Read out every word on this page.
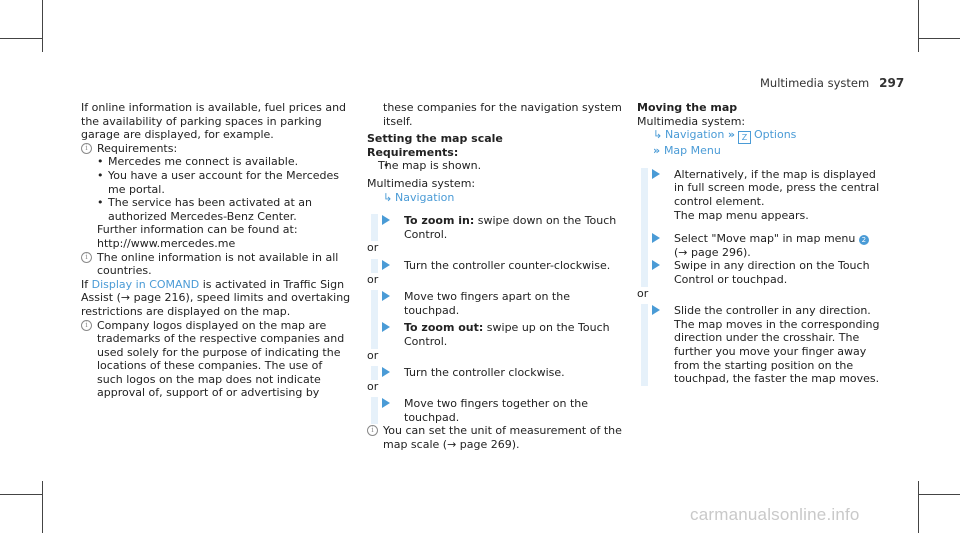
Multimedia system 297

If online information is available, fuel prices and the availability of parking spaces in parking garage are displayed, for example.

i Requirements:

• Mercedes me connect is available.

• You have a user account for the Mercedes me portal.

• The service has been activated at an authorized Mercedes-Benz Center.

Further information can be found at: http://www.mercedes.me

i The online information is not available in all countries.

If Display in COMAND is activated in Traffic Sign Assist (→ page 216), speed limits and overtaking restrictions are displayed on the map.

i Company logos displayed on the map are trademarks of the respective companies and used solely for the purpose of indicating the locations of these companies. The use of such logos on the map does not indicate approval of, support of or advertising by

these companies for the navigation system itself.

Setting the map scale

Requirements:

• The map is shown.

Multimedia system:

↳ Navigation

To zoom in: swipe down on the Touch Control.

or

Turn the controller counter-clockwise.

or

Move two fingers apart on the touchpad.
To zoom out: swipe up on the Touch Control.

or

Turn the controller clockwise.

or

Move two fingers together on the touchpad.
i You can set the unit of measurement of the map scale (→ page 269).

Moving the map

Multimedia system:

↳ Navigation » Z Options

» Map Menu

Alternatively, if the map is displayed in full screen mode, press the central control element.
The map menu appears.
Select "Move map" in map menu 2
(→ page 296).
Swipe in any direction on the Touch Control or touchpad.

or

Slide the controller in any direction.
The map moves in the corresponding direction under the crosshair. The further you move your finger away from the starting position on the touchpad, the faster the map moves.
carmanualsonline.info
